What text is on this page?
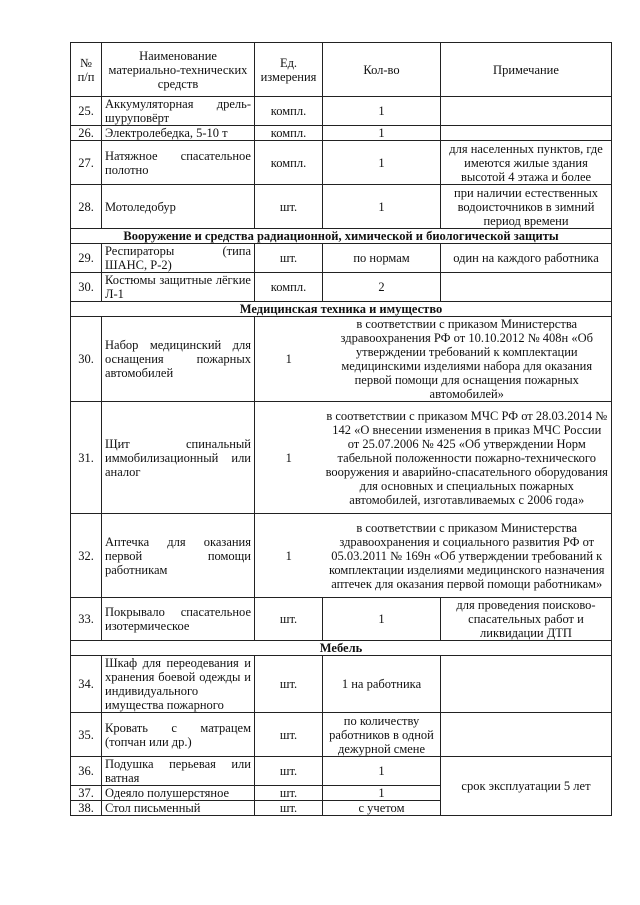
№ п/п	Наименование материально-технических средств	Ед. измерения	Кол-во	Примечание
25.	Аккумуляторная дрель-шуруповёрт	компл.	1	
26.	Электролебедка, 5-10 т	компл.	1	
27.	Натяжное спасательное полотно	компл.	1	для населенных пунктов, где имеются жилые здания высотой 4 этажа и более
28.	Мотоледобур	шт.	1	при наличии естественных водоисточников в зимний период времени
Вооружение и средства радиационной, химической и биологической защиты				
29.	Респираторы (типа ШАНС, Р-2)	шт.	по нормам	один на каждого работника
30.	Костюмы защитные лёгкие Л-1	компл.	2	
Медицинская техника и имущество				
30.	Набор медицинский для оснащения пожарных автомобилей	1	в соответствии с приказом Министерства здравоохранения РФ от 10.10.2012 № 408н «Об утверждении требований к комплектации медицинскими изделиями набора для оказания первой помощи для оснащения пожарных автомобилей»	
31.	Щит спинальный иммобилизационный или аналог	1	в соответствии с приказом МЧС РФ от 28.03.2014 № 142 «О внесении изменения в приказ МЧС России от 25.07.2006 № 425 «Об утверждении Норм табельной положенности пожарно-технического вооружения и аварийно-спасательного оборудования для основных и специальных пожарных автомобилей, изготавливаемых с 2006 года»	
32.	Аптечка для оказания первой помощи работникам	1	в соответствии с приказом Министерства здравоохранения и социального развития РФ от 05.03.2011 № 169н «Об утверждении требований к комплектации изделиями медицинского назначения аптечек для оказания первой помощи работникам»	
33.	Покрывало спасательное изотермическое	шт.	1	для проведения поисково-спасательных работ и ликвидации ДТП
Мебель				
34.	Шкаф для переодевания и хранения боевой одежды и индивидуального имущества пожарного	шт.	1 на работника	
35.	Кровать с матрацем (топчан или др.)	шт.	по количеству работников в одной дежурной смене	
36.	Подушка перьевая или ватная	шт.	1	срок эксплуатации 5 лет
37.	Одеяло полушерстяное	шт.	1	
38.	Стол письменный	шт.	с учетом	
